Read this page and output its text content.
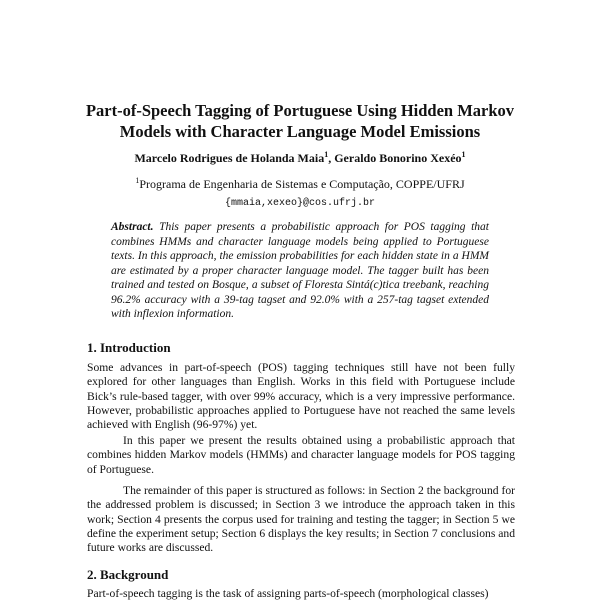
Part-of-Speech Tagging of Portuguese Using Hidden Markov Models with Character Language Model Emissions
Marcelo Rodrigues de Holanda Maia$^1$, Geraldo Bonorino Xexéo$^1$
$^1$Programa de Engenharia de Sistemas e Computação, COPPE/UFRJ
{mmaia,xexeo}@cos.ufrj.br

Abstract. This paper presents a probabilistic approach for POS tagging that combines HMMs and character language models being applied to Portuguese texts. In this approach, the emission probabilities for each hidden state in a HMM are estimated by a proper character language model. The tagger built has been trained and tested on Bosque, a subset of Floresta Sintá(c)tica treebank, reaching 96.2% accuracy with a 39-tag tagset and 92.0% with a 257-tag tagset extended with inflexion information.

1. Introduction

Some advances in part-of-speech (POS) tagging techniques still have not been fully explored for other languages than English. Works in this field with Portuguese include Bick’s rule-based tagger, with over 99% accuracy, which is a very impressive performance. However, probabilistic approaches applied to Portuguese have not reached the same levels achieved with English (96-97%) yet.

In this paper we present the results obtained using a probabilistic approach that combines hidden Markov models (HMMs) and character language models for POS tagging of Portuguese.

The remainder of this paper is structured as follows: in Section 2 the background for the addressed problem is discussed; in Section 3 we introduce the approach taken in this work; Section 4 presents the corpus used for training and testing the tagger; in Section 5 we define the experiment setup; Section 6 displays the key results; in Section 7 conclusions and future works are discussed.

2. Background

Part-of-speech tagging is the task of assigning parts-of-speech (morphological classes)
